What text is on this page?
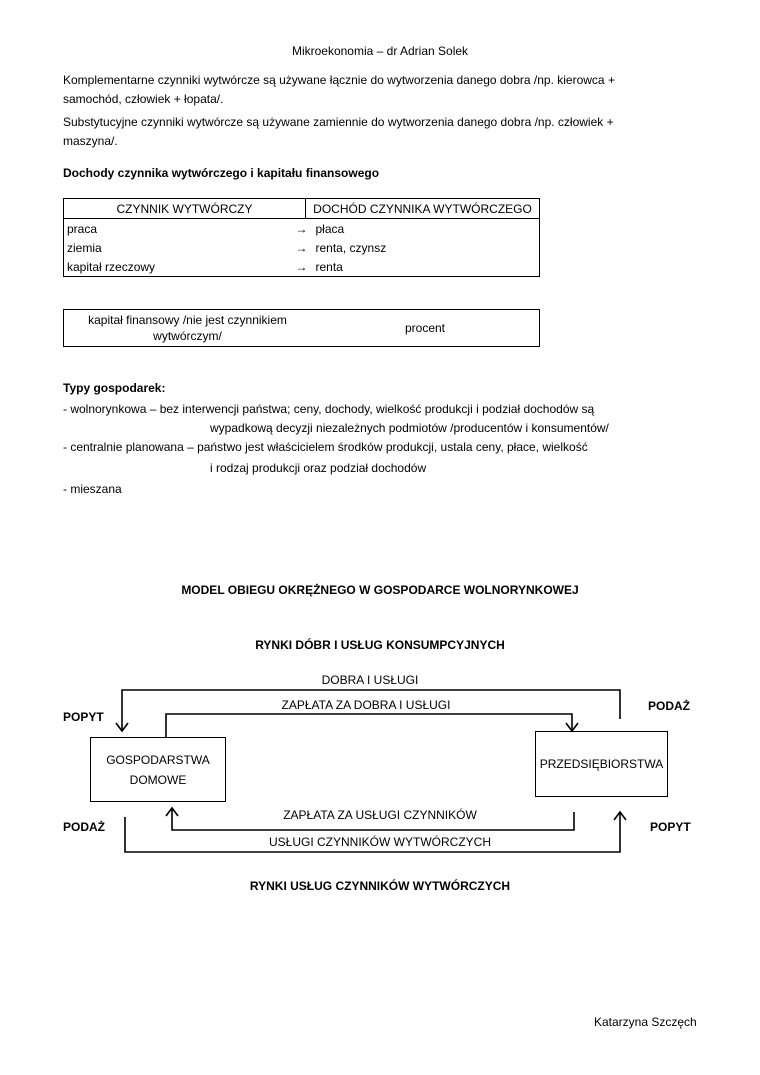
Mikroekonomia – dr Adrian Solek
Komplementarne czynniki wytwórcze są używane łącznie do wytworzenia danego dobra /np. kierowca +
samochód, człowiek + łopata/.
Substytucyjne czynniki wytwórcze są używane zamiennie do wytworzenia danego dobra /np. człowiek +
maszyna/.
Dochody czynnika wytwórczego i kapitału finansowego
CZYNNIK WYTWÓRCZY	DOCHÓD CZYNNIKA WYTWÓRCZEGO
praca →	płaca
ziemia →	renta, czynsz
kapitał rzeczowy →	renta
kapitał finansowy /nie jest czynnikiem
wytwórczym/
	procent
Typy gospodarek:
- wolnorynkowa – bez interwencji państwa; ceny, dochody, wielkość produkcji i podział dochodów są
wypadkową decyzji niezależnych podmiotów /producentów i konsumentów/
- centralnie planowana – państwo jest właścicielem środków produkcji, ustala ceny, płace, wielkość
i rodzaj produkcji oraz podział dochodów
- mieszana
MODEL OBIEGU OKRĘŻNEGO W GOSPODARCE WOLNORYNKOWEJ
RYNKI DÓBR I USŁUG KONSUMPCYJNYCH
DOBRA I USŁUGI
ZAPŁATA ZA DOBRA I USŁUGI
POPYT
PODAŻ
GOSPODARSTWA
DOMOWE
PRZEDSIĘBIORSTWA
ZAPŁATA ZA USŁUGI CZYNNIKÓW
USŁUGI CZYNNIKÓW WYTWÓRCZYCH
PODAŻ	POPYT
RYNKI USŁUG CZYNNIKÓW WYTWÓRCZYCH
Katarzyna Szczęch
